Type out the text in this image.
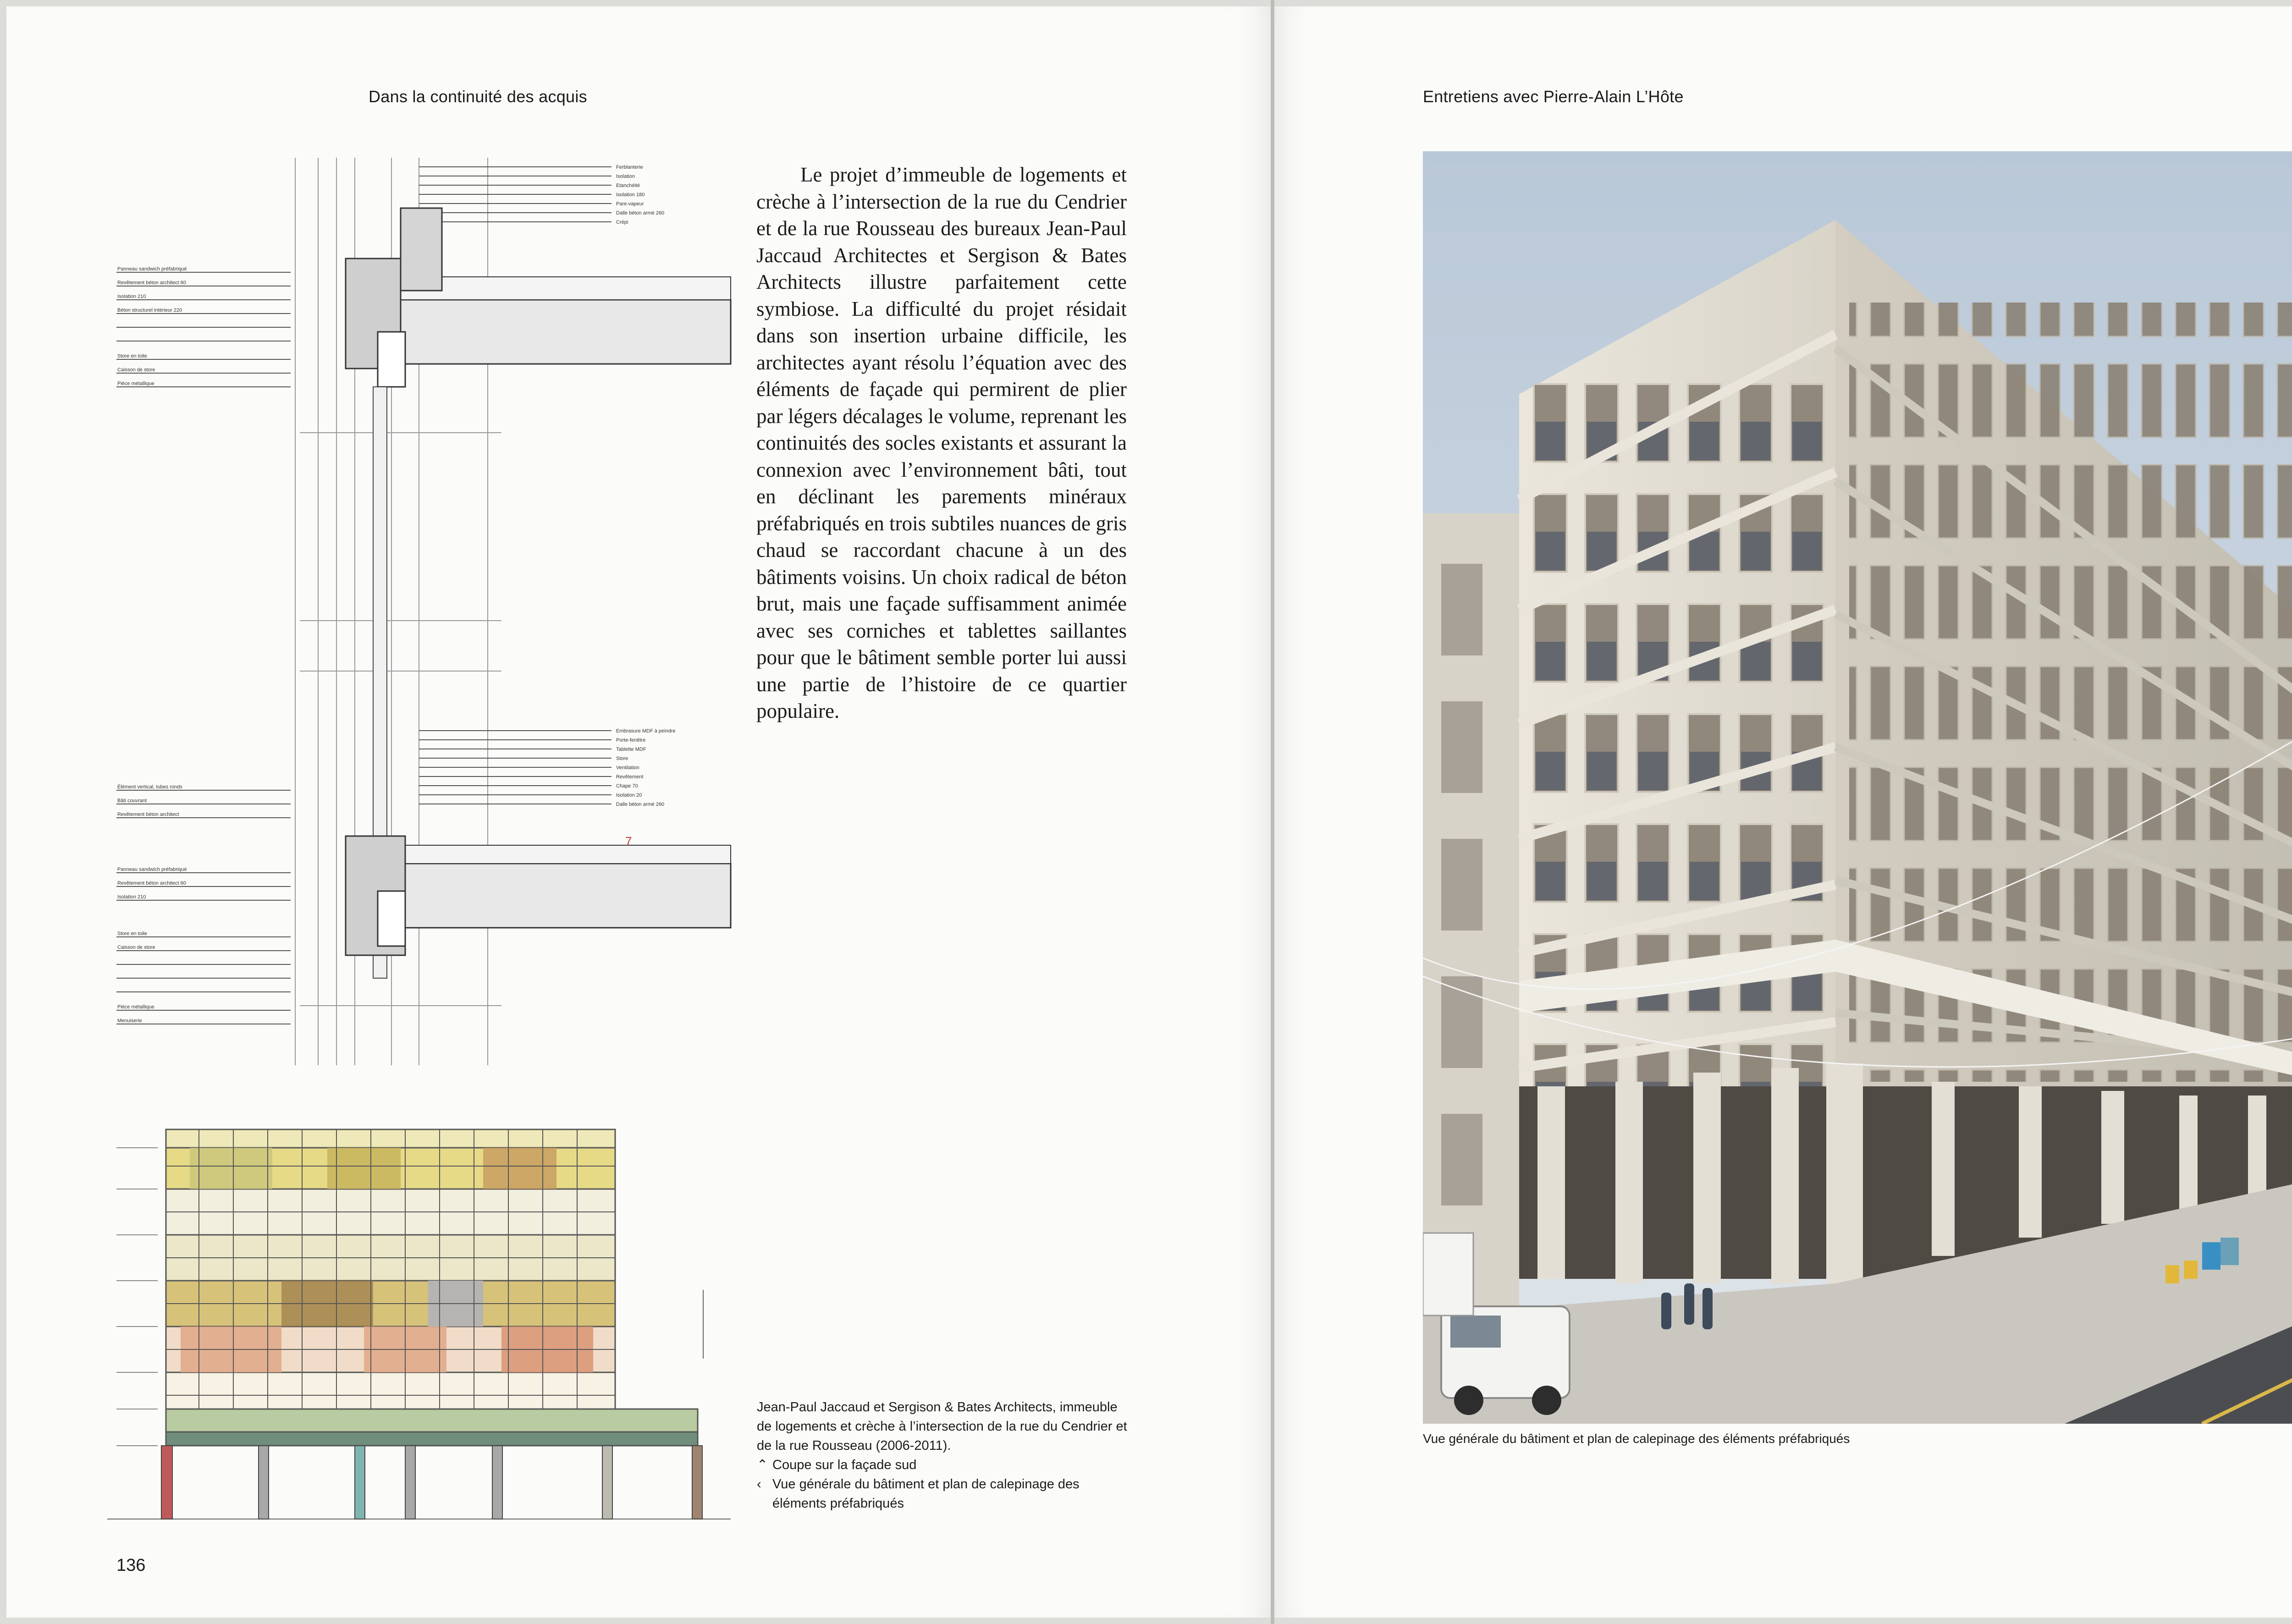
Dans la continuité des acquis
Ferblanterie
Isolation
Etanchéité
Isolation 180
Pare-vapeur
Dalle béton armé 260
Crépi
Embrasure MDF à peindre
Porte-fenêtre
Tablette MDF
Store
Ventilation
Revêtement
Chape 70
Isolation 20
Dalle béton armé 260
Panneau sandwich préfabriqué
Revêtement béton architect 60
Isolation 210
Béton structurel intérieur 220
Store en toile
Caisson de store
Pièce métallique
Élément vertical, tubes ronds
Bâti couvrant
Revêtement béton architect
Panneau sandwich préfabriqué
Revêtement béton architect 60
Isolation 210
Store en toile
Caisson de store
Pièce métallique
Menuiserie
7

Le projet d’immeuble de logements et crèche à l’intersection de la rue du Cendrier et de la rue Rousseau des bureaux Jean-Paul Jaccaud Architectes et Sergison & Bates Architects illustre parfaitement cette symbiose. La difficulté du projet résidait dans son insertion urbaine difficile, les architectes ayant résolu l’équation avec des éléments de façade qui permirent de plier par légers décalages le volume, reprenant les continuités des socles existants et assurant la connexion avec l’environnement bâti, tout en déclinant les parements minéraux préfabriqués en trois subtiles nuances de gris chaud se raccordant chacune à un des bâtiments voisins. Un choix radical de béton brut, mais une façade suffisamment animée avec ses corniches et tablettes saillantes pour que le bâtiment semble porter lui aussi une partie de l’histoire de ce quartier populaire.

Jean-Paul Jaccaud et Sergison & Bates Architects, immeuble de logements et crèche à l’intersection de la rue du Cendrier et de la rue Rousseau (2006-2011).

⌃ Coupe sur la façade sud
‹ Vue générale du bâtiment et plan de calepinage des éléments préfabriqués
136
Entretiens avec Pierre-Alain L’Hôte
Vue générale du bâtiment et plan de calepinage des éléments préfabriqués
